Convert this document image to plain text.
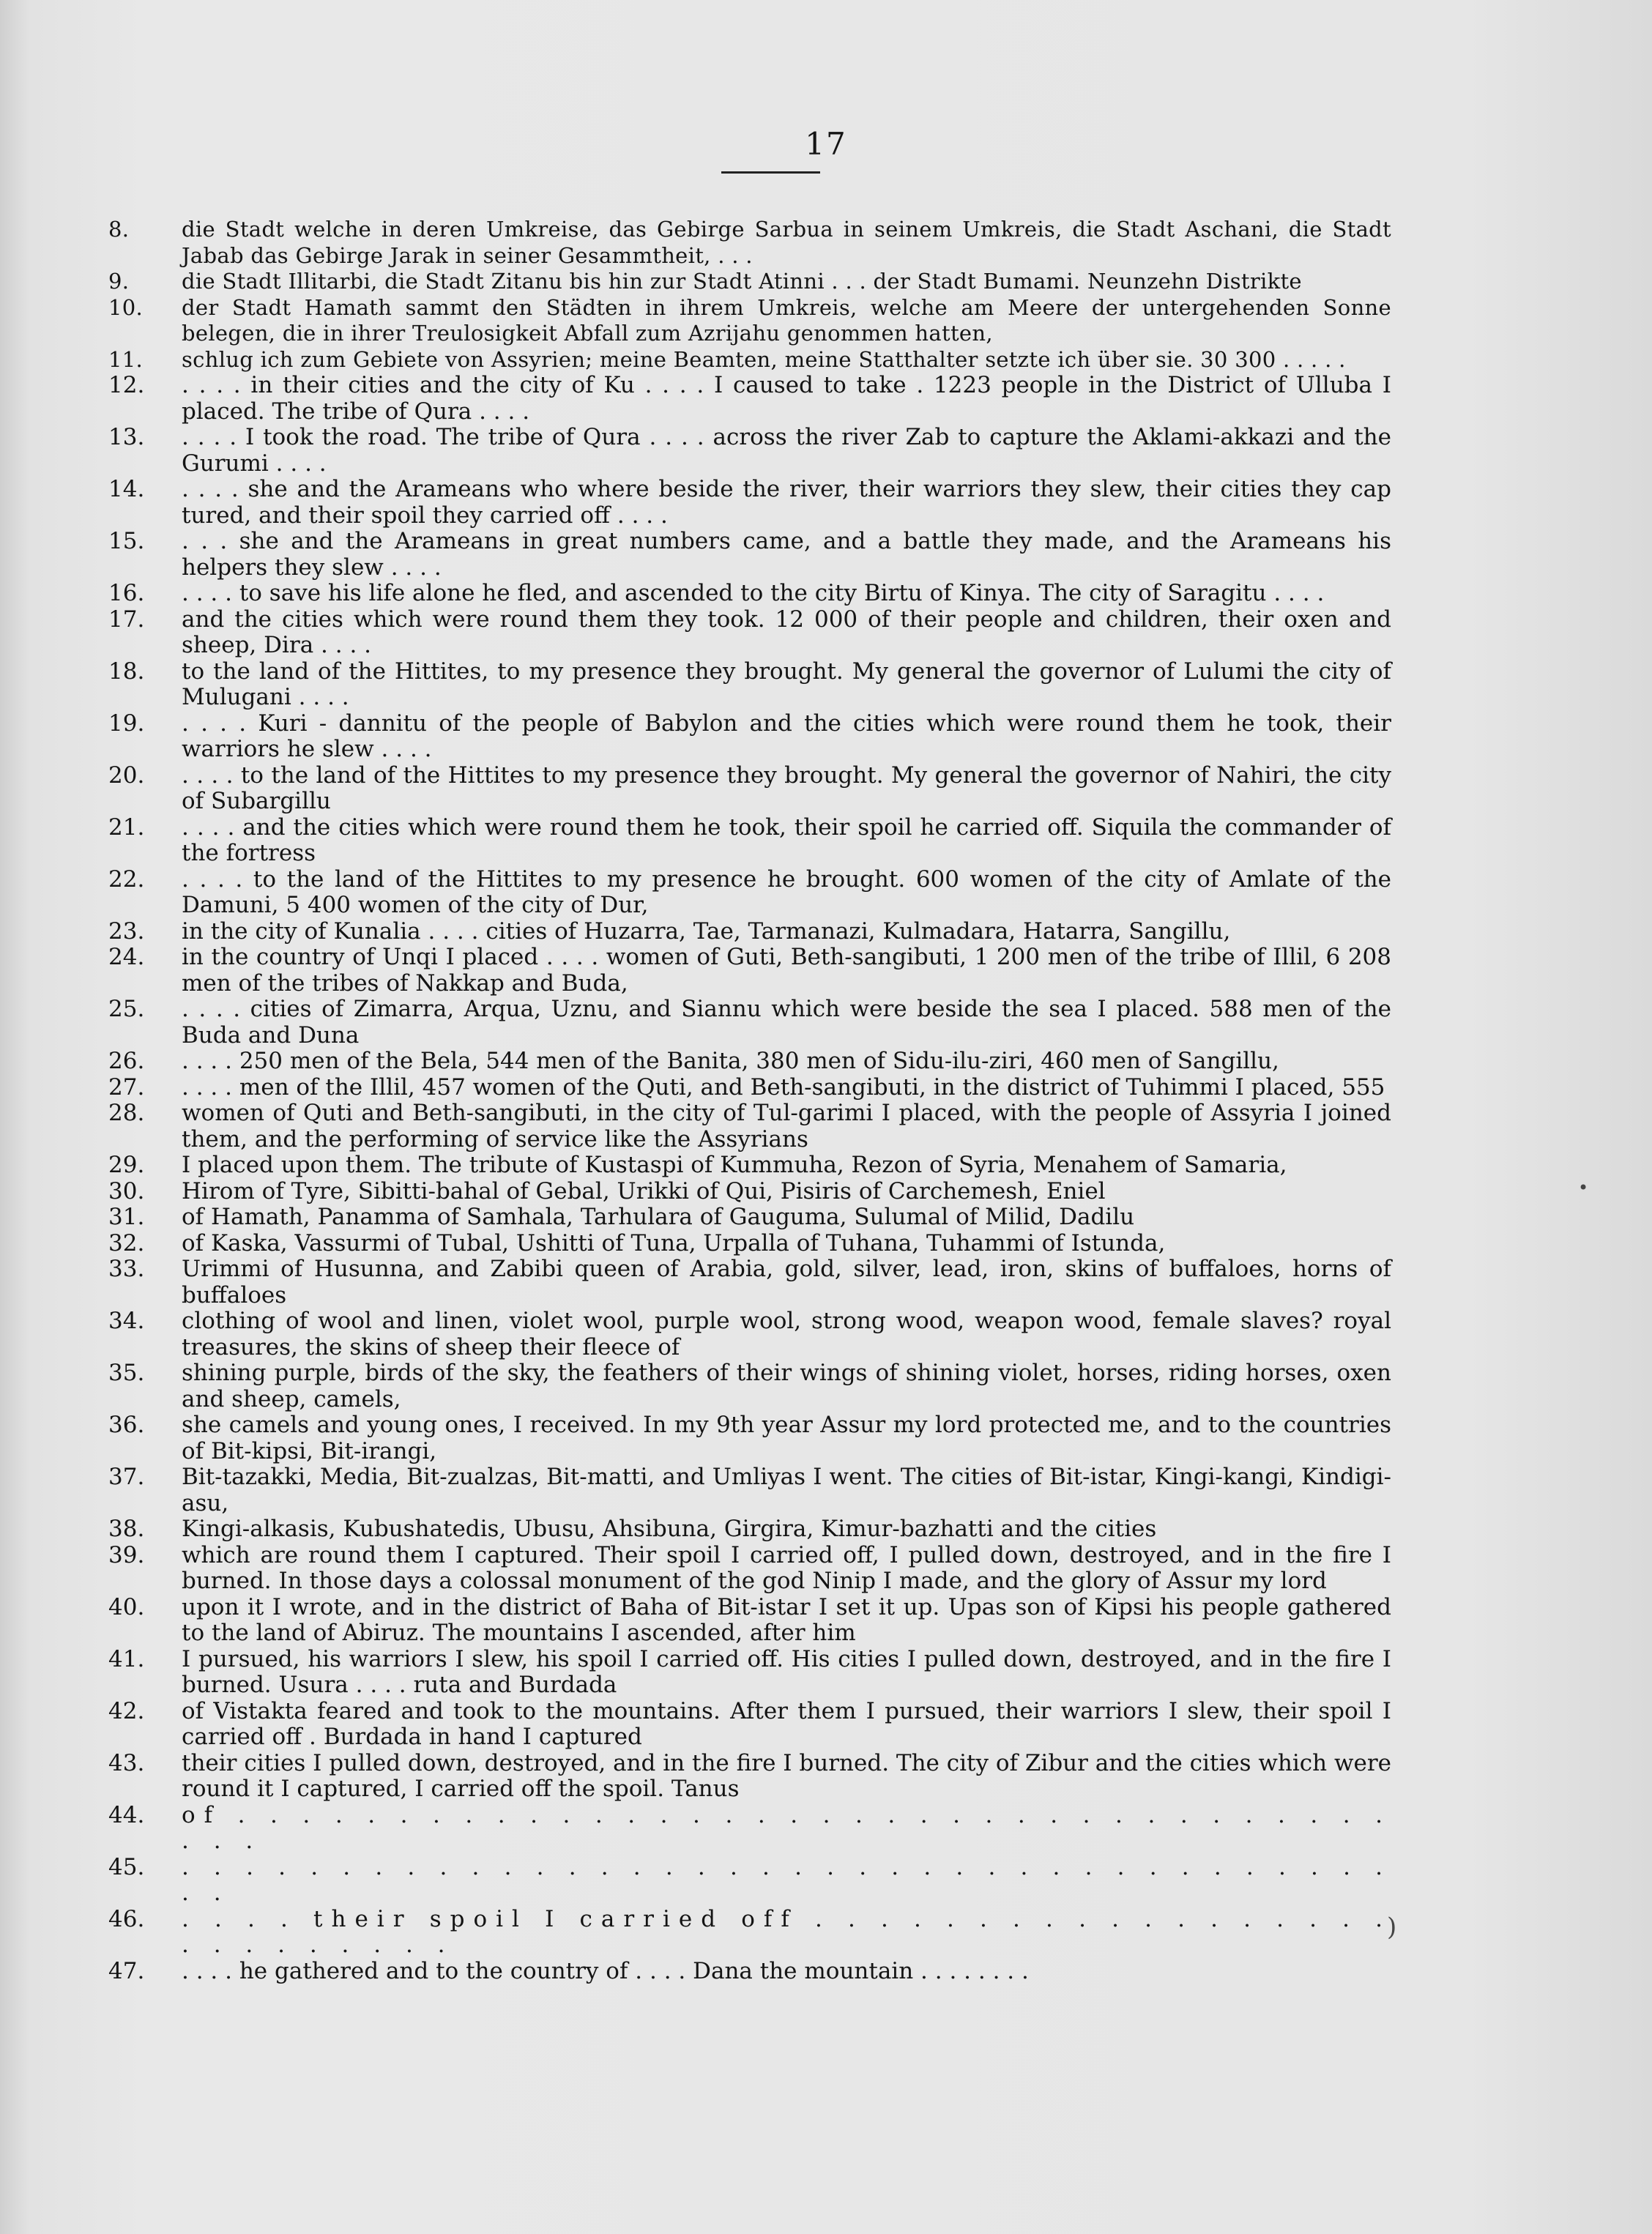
17
8.	die Stadt welche in deren Umkreise, das Gebirge Sarbua in seinem Umkreis, die Stadt Aschani, die Stadt Jabab das Gebirge Jarak in seiner Gesammtheit, . . .
9.	die Stadt Illitarbi, die Stadt Zitanu bis hin zur Stadt Atinni . . . der Stadt Bumami. Neunzehn Distrikte
10.	der Stadt Hamath sammt den Städten in ihrem Umkreis, welche am Meere der untergehenden Sonne belegen, die in ihrer Treulosigkeit Abfall zum Azrijahu genommen hatten,
11.	schlug ich zum Gebiete von Assyrien; meine Beamten, meine Statthalter setzte ich über sie. 30 300 . . . . .
12.	. . . . in their cities and the city of Ku . . . . I caused to take . 1223 people in the District of Ulluba I placed. The tribe of Qura . . . .
13.	. . . . I took the road. The tribe of Qura . . . . across the river Zab to capture the Aklami-akkazi and the Gurumi . . . .
14.	. . . . she and the Arameans who where beside the river, their warriors they slew, their cities they cap tured, and their spoil they carried off . . . .
15.	. . . she and the Arameans in great numbers came, and a battle they made, and the Arameans his helpers they slew . . . .
16.	. . . . to save his life alone he fled, and ascended to the city Birtu of Kinya. The city of Saragitu . . . .
17.	and the cities which were round them they took. 12 000 of their people and children, their oxen and sheep, Dira . . . .
18.	to the land of the Hittites, to my presence they brought. My general the governor of Lulumi the city of Mulugani . . . .
19.	. . . . Kuri - dannitu of the people of Babylon and the cities which were round them he took, their warriors he slew . . . .
20.	. . . . to the land of the Hittites to my presence they brought. My general the governor of Nahiri, the city of Subargillu
21.	. . . . and the cities which were round them he took, their spoil he carried off. Siquila the commander of the fortress
22.	. . . . to the land of the Hittites to my presence he brought. 600 women of the city of Amlate of the Damuni, 5 400 women of the city of Dur,
23.	in the city of Kunalia . . . . cities of Huzarra, Tae, Tarmanazi, Kulmadara, Hatarra, Sangillu,
24.	in the country of Unqi I placed . . . . women of Guti, Beth-sangibuti, 1 200 men of the tribe of Illil, 6 208 men of the tribes of Nakkap and Buda,
25.	. . . . cities of Zimarra, Arqua, Uznu, and Siannu which were beside the sea I placed. 588 men of the Buda and Duna
26.	. . . . 250 men of the Bela, 544 men of the Banita, 380 men of Sidu-ilu-ziri, 460 men of Sangillu,
27.	. . . . men of the Illil, 457 women of the Quti, and Beth-sangibuti, in the district of Tuhimmi I placed, 555
28.	women of Quti and Beth-sangibuti, in the city of Tul-garimi I placed, with the people of Assyria I joined them, and the performing of service like the Assyrians
29.	I placed upon them. The tribute of Kustaspi of Kummuha, Rezon of Syria, Menahem of Samaria,
30.	Hirom of Tyre, Sibitti-bahal of Gebal, Urikki of Qui, Pisiris of Carchemesh, Eniel
31.	of Hamath, Panamma of Samhala, Tarhulara of Gauguma, Sulumal of Milid, Dadilu
32.	of Kaska, Vassurmi of Tubal, Ushitti of Tuna, Urpalla of Tuhana, Tuhammi of Istunda,
33.	Urimmi of Husunna, and Zabibi queen of Arabia, gold, silver, lead, iron, skins of buffaloes, horns of buffaloes
34.	clothing of wool and linen, violet wool, purple wool, strong wood, weapon wood, female slaves? royal treasures, the skins of sheep their fleece of
35.	shining purple, birds of the sky, the feathers of their wings of shining violet, horses, riding horses, oxen and sheep, camels,
36.	she camels and young ones, I received. In my 9th year Assur my lord protected me, and to the countries of Bit-kipsi, Bit-irangi,
37.	Bit-tazakki, Media, Bit-zualzas, Bit-matti, and Umliyas I went. The cities of Bit-istar, Kingi-kangi, Kindigi-asu,
38.	Kingi-alkasis, Kubushatedis, Ubusu, Ahsibuna, Girgira, Kimur-bazhatti and the cities
39.	which are round them I captured. Their spoil I carried off, I pulled down, destroyed, and in the fire I burned. In those days a colossal monument of the god Ninip I made, and the glory of Assur my lord
40.	upon it I wrote, and in the district of Baha of Bit-istar I set it up. Upas son of Kipsi his people gathered to the land of Abiruz. The mountains I ascended, after him
41.	I pursued, his warriors I slew, his spoil I carried off. His cities I pulled down, destroyed, and in the fire I burned. Usura . . . . ruta and Burdada
42.	of Vistakta feared and took to the mountains. After them I pursued, their warriors I slew, their spoil I carried off . Burdada in hand I captured
43.	their cities I pulled down, destroyed, and in the fire I burned. The city of Zibur and the cities which were round it I captured, I carried off the spoil. Tanus
44.	of . . . . . . . . . . . . . . . . . . . . . . . . . . . . . . . . . . . . . . .
45.	. . . . . . . . . . . . . . . . . . . . . . . . . . . . . . . . . . . . . . . .
46.	. . . . their spoil I carried off . . . . . . . . . . . . . . . . . . . . . . . . . . .
47.	. . . . he gathered and to the country of . . . . Dana the mountain . . . . . . . .
•
)
